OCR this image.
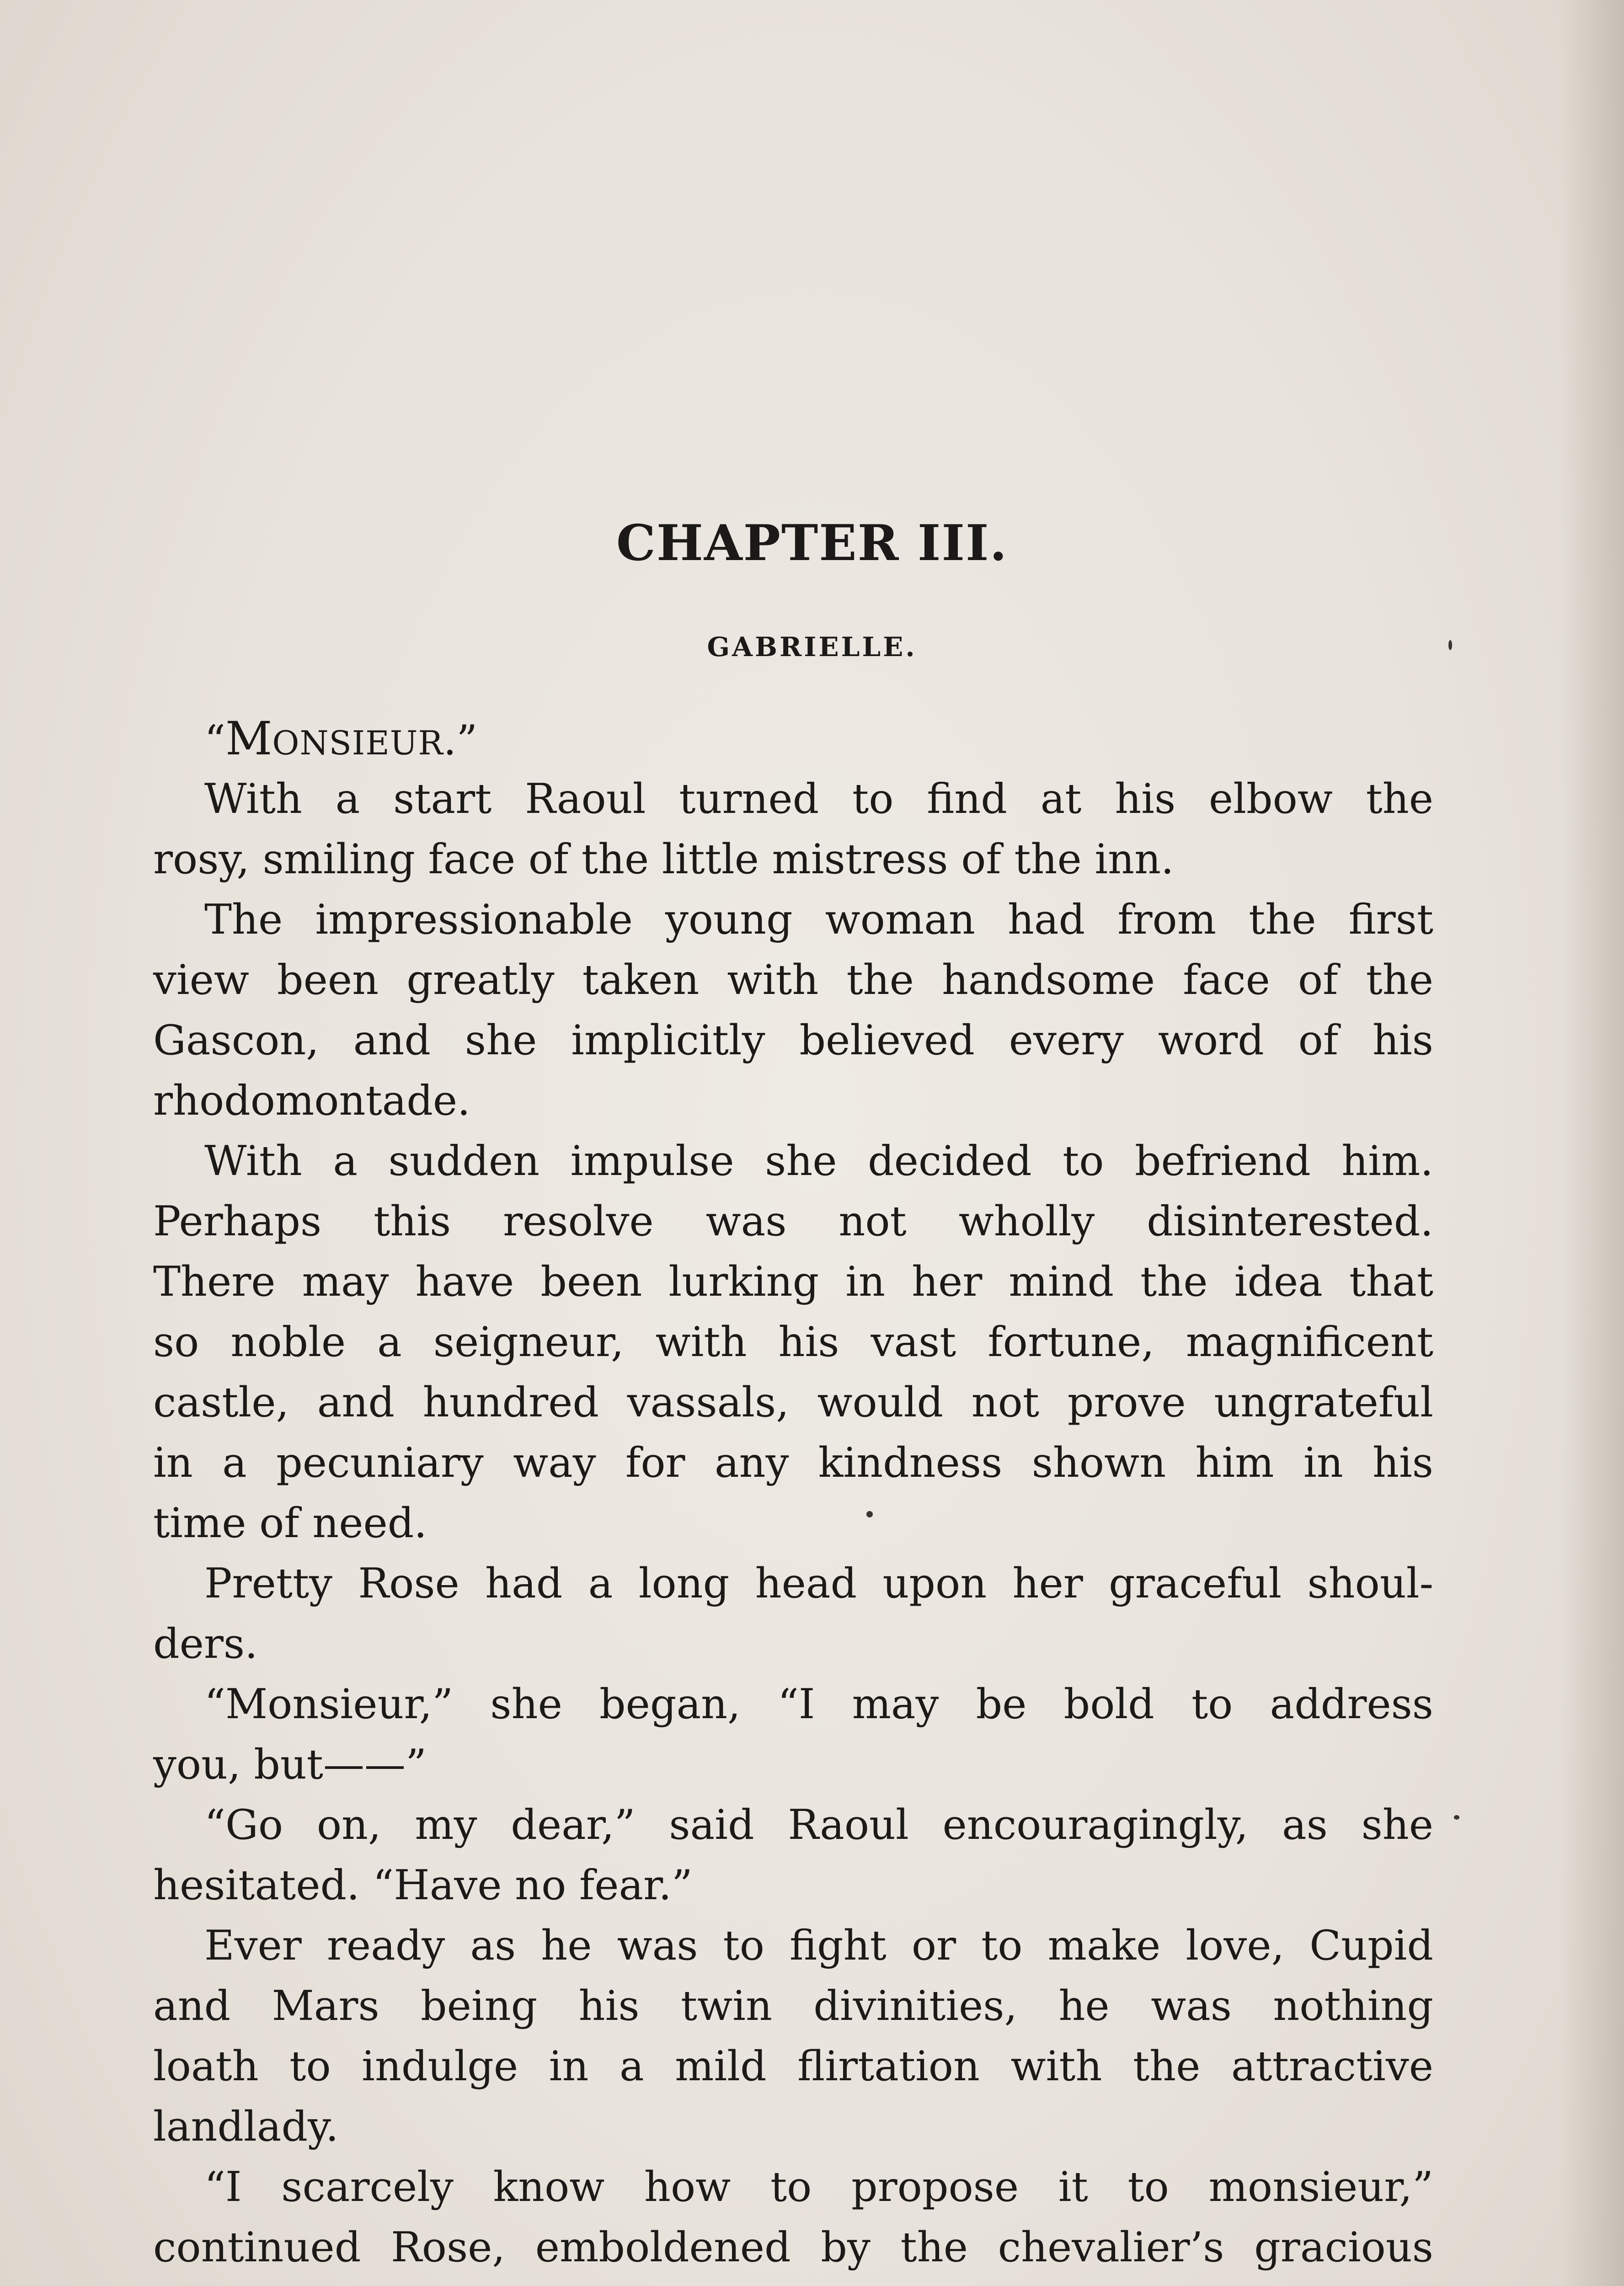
CHAPTER III.
GABRIELLE.
“MONSIEUR.”
With a start Raoul turned to find at his elbow the
rosy, smiling face of the little mistress of the inn.
The impressionable young woman had from the first
view been greatly taken with the handsome face of the
Gascon, and she implicitly believed every word of his
rhodomontade.
With a sudden impulse she decided to befriend him.
Perhaps this resolve was not wholly disinterested.
There may have been lurking in her mind the idea that
so noble a seigneur, with his vast fortune, magnificent
castle, and hundred vassals, would not prove ungrateful
in a pecuniary way for any kindness shown him in his
time of need.
Pretty Rose had a long head upon her graceful shoul-
ders.
“Monsieur,” she began, “I may be bold to address
you, but——”
“Go on, my dear,” said Raoul encouragingly, as she
hesitated. “Have no fear.”
Ever ready as he was to fight or to make love, Cupid
and Mars being his twin divinities, he was nothing
loath to indulge in a mild flirtation with the attractive
landlady.
“I scarcely know how to propose it to monsieur,”
continued Rose, emboldened by the chevalier’s gracious
